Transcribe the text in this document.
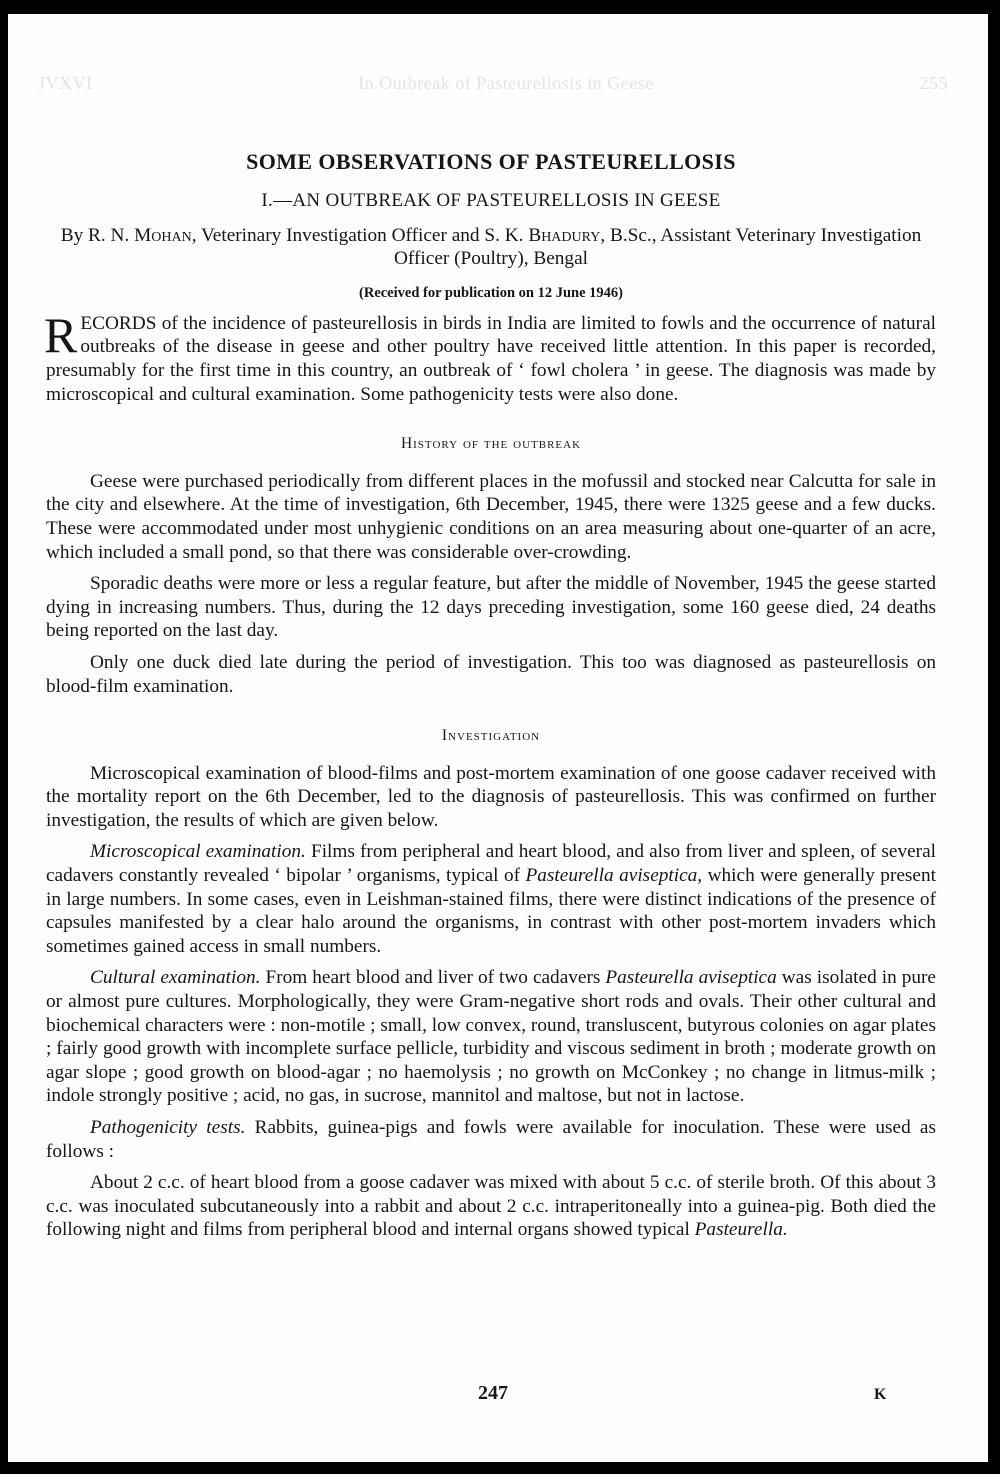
JVXVI	In Outbreak of Pasteurellosis in Geese	255
SOME OBSERVATIONS OF PASTEURELLOSIS
I.—AN OUTBREAK OF PASTEURELLOSIS IN GEESE
By R. N. Mohan, Veterinary Investigation Officer and S. K. Bhadury, B.Sc., Assistant Veterinary Investigation Officer (Poultry), Bengal
(Received for publication on 12 June 1946)

RECORDS of the incidence of pasteurellosis in birds in India are limited to fowls and the occurrence of natural outbreaks of the disease in geese and other poultry have received little attention. In this paper is recorded, presumably for the first time in this country, an outbreak of ‘ fowl cholera ’ in geese. The diagnosis was made by microscopical and cultural examination. Some pathogenicity tests were also done.

History of the outbreak

Geese were purchased periodically from different places in the mofussil and stocked near Calcutta for sale in the city and elsewhere. At the time of investigation, 6th December, 1945, there were 1325 geese and a few ducks. These were accommodated under most unhygienic conditions on an area measuring about one-quarter of an acre, which included a small pond, so that there was considerable over-crowding.

Sporadic deaths were more or less a regular feature, but after the middle of November, 1945 the geese started dying in increasing numbers. Thus, during the 12 days preceding investigation, some 160 geese died, 24 deaths being reported on the last day.

Only one duck died late during the period of investigation. This too was diagnosed as pasteurellosis on blood-film examination.

Investigation

Microscopical examination of blood-films and post-mortem examination of one goose cadaver received with the mortality report on the 6th December, led to the diagnosis of pasteurellosis. This was confirmed on further investigation, the results of which are given below.

Microscopical examination. Films from peripheral and heart blood, and also from liver and spleen, of several cadavers constantly revealed ‘ bipolar ’ organisms, typical of Pasteurella aviseptica, which were generally present in large numbers. In some cases, even in Leishman-stained films, there were distinct indications of the presence of capsules manifested by a clear halo around the organisms, in contrast with other post-mortem invaders which sometimes gained access in small numbers.

Cultural examination. From heart blood and liver of two cadavers Pasteurella aviseptica was isolated in pure or almost pure cultures. Morphologically, they were Gram-negative short rods and ovals. Their other cultural and biochemical characters were : non-motile ; small, low convex, round, transluscent, butyrous colonies on agar plates ; fairly good growth with incomplete surface pellicle, turbidity and viscous sediment in broth ; moderate growth on agar slope ; good growth on blood-agar ; no haemolysis ; no growth on McConkey ; no change in litmus-milk ; indole strongly positive ; acid, no gas, in sucrose, mannitol and maltose, but not in lactose.

Pathogenicity tests. Rabbits, guinea-pigs and fowls were available for inoculation. These were used as follows :

About 2 c.c. of heart blood from a goose cadaver was mixed with about 5 c.c. of sterile broth. Of this about 3 c.c. was inoculated subcutaneously into a rabbit and about 2 c.c. intraperitoneally into a guinea-pig. Both died the following night and films from peripheral blood and internal organs showed typical Pasteurella.

247	K
